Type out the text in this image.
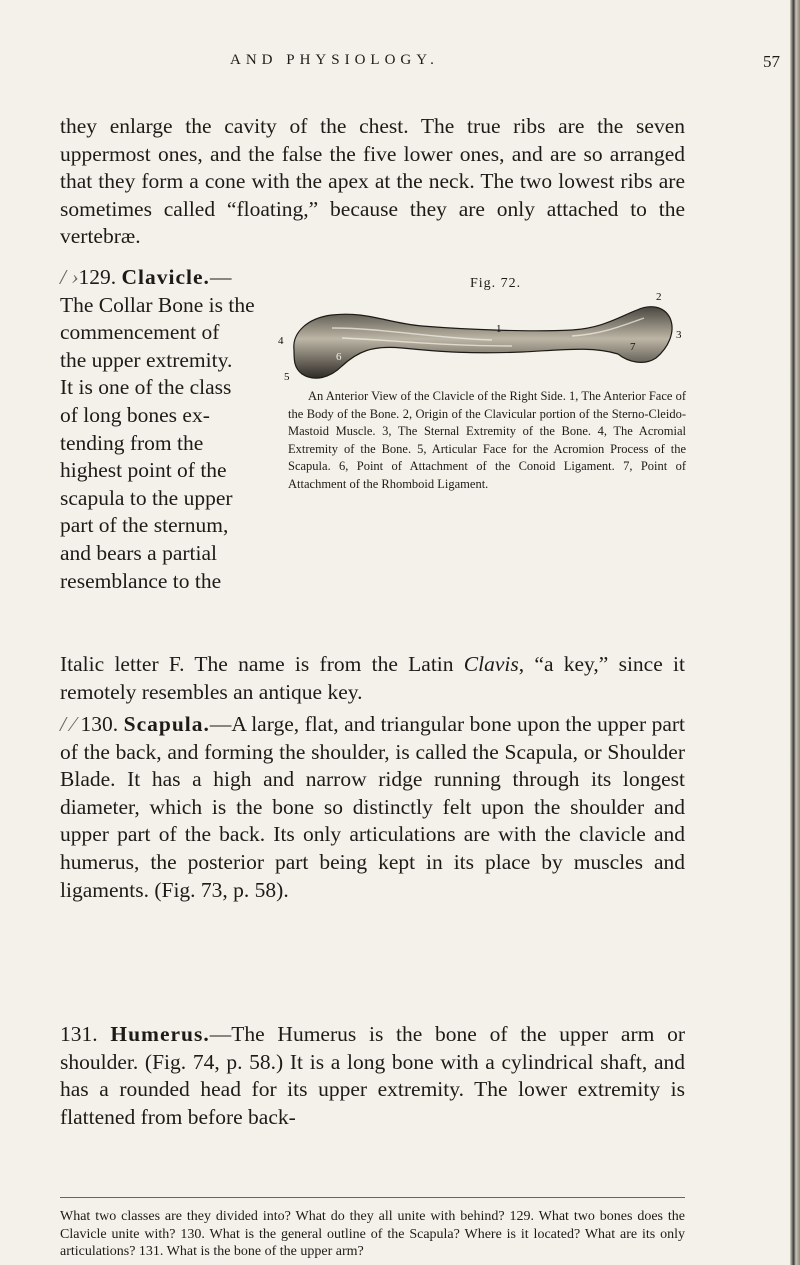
AND PHYSIOLOGY.	57
they enlarge the cavity of the chest. The true ribs are the seven uppermost ones, and the false the five lower ones, and are so arranged that they form a cone with the apex at the neck. The two lowest ribs are sometimes called “floating,” because they are only attached to the vertebræ.
/ ›129. Clavicle.—
The Collar Bone is the
commencement of
the upper extremity.
It is one of the class
of long bones ex-
tending from the
highest point of the
scapula to the upper
part of the sternum,
and bears a partial
resemblance to the
Italic letter F. The name is from the Latin Clavis, “a key,” since it remotely resembles an antique key.
Fig. 72.
1
2
3
4
5
6
7
An Anterior View of the Clavicle of the Right Side. 1, The Anterior Face of the Body of the Bone. 2, Origin of the Clavicular portion of the Sterno-Cleido-Mastoid Muscle. 3, The Sternal Extremity of the Bone. 4, The Acromial Extremity of the Bone. 5, Articular Face for the Acromion Process of the Scapula. 6, Point of Attachment of the Conoid Ligament. 7, Point of Attachment of the Rhomboid Ligament.
/ ⁄ 130. Scapula.—A large, flat, and triangular bone upon the upper part of the back, and forming the shoulder, is called the Scapula, or Shoulder Blade. It has a high and narrow ridge running through its longest diameter, which is the bone so distinctly felt upon the shoulder and upper part of the back. Its only articulations are with the clavicle and humerus, the posterior part being kept in its place by muscles and ligaments. (Fig. 73, p. 58).
131. Humerus.—The Humerus is the bone of the upper arm or shoulder. (Fig. 74, p. 58.) It is a long bone with a cylindrical shaft, and has a rounded head for its upper extremity. The lower extremity is flattened from before back-
What two classes are they divided into? What do they all unite with behind? 129. What two bones does the Clavicle unite with? 130. What is the general outline of the Scapula? Where is it located? What are its only articulations? 131. What is the bone of the upper arm?
